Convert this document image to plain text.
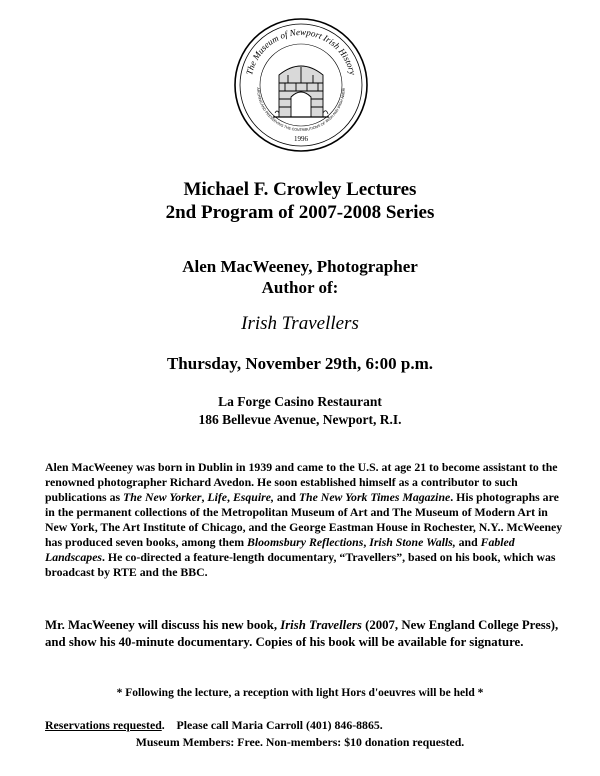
The Museum of Newport Irish History
ARCHING AND PRESERVING THE CONTRIBUTIONS OF IRISH AND IRISH AMERI
1996
Michael F. Crowley Lectures
2nd Program of 2007-2008 Series
Alen MacWeeney, Photographer
Author of:
Irish Travellers
Thursday, November 29th, 6:00 p.m.
La Forge Casino Restaurant
186 Bellevue Avenue, Newport, R.I.
Alen MacWeeney was born in Dublin in 1939 and came to the U.S. at age 21 to become assistant to the renowned photographer Richard Avedon. He soon established himself as a contributor to such publications as The New Yorker, Life, Esquire, and The New York Times Magazine. His photographs are in the permanent collections of the Metropolitan Museum of Art and The Museum of Modern Art in New York, The Art Institute of Chicago, and the George Eastman House in Rochester, N.Y.. McWeeney has produced seven books, among them Bloomsbury Reflections, Irish Stone Walls, and Fabled Landscapes. He co-directed a feature-length documentary, “Travellers”, based on his book, which was broadcast by RTE and the BBC.
Mr. MacWeeney will discuss his new book, Irish Travellers (2007, New England College Press), and show his 40-minute documentary. Copies of his book will be available for signature.
* Following the lecture, a reception with light Hors d'oeuvres will be held *
Reservations requested.    Please call Maria Carroll (401) 846-8865.
Museum Members: Free. Non-members: $10 donation requested.
